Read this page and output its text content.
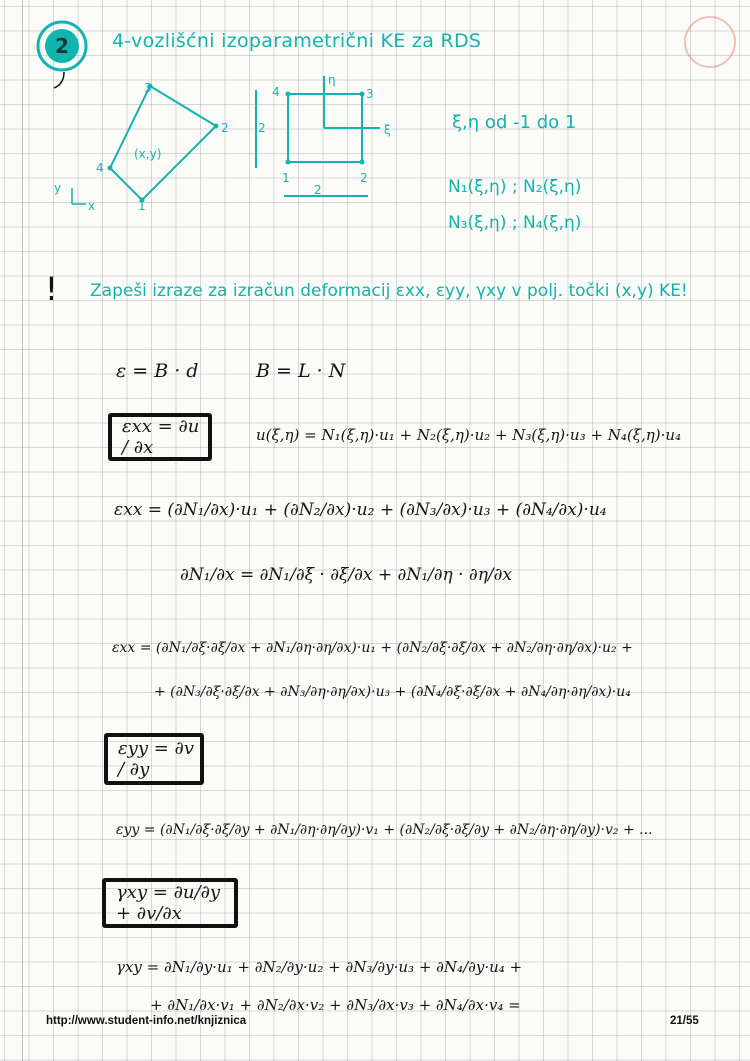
2 4-vozlišćni izoparametrični KE za RDS
1
2
3
4
(x,y)
y
x
1	2
3
4
η
ξ
2
2
ξ,η od -1 do 1
N₁(ξ,η) ; N₂(ξ,η)
N₃(ξ,η) ; N₄(ξ,η)
! Zapeši izraze za izračun deformacij εxx, εyy, γxy v polj. točki (x,y) KE!
ε = B · d	B = L · N
εxx = ∂u / ∂x
u(ξ,η) = N₁(ξ,η)·u₁ + N₂(ξ,η)·u₂ + N₃(ξ,η)·u₃ + N₄(ξ,η)·u₄
εxx = (∂N₁/∂x)·u₁ + (∂N₂/∂x)·u₂ + (∂N₃/∂x)·u₃ + (∂N₄/∂x)·u₄
∂N₁/∂x = ∂N₁/∂ξ · ∂ξ/∂x + ∂N₁/∂η · ∂η/∂x
εxx = (∂N₁/∂ξ·∂ξ/∂x + ∂N₁/∂η·∂η/∂x)·u₁ + (∂N₂/∂ξ·∂ξ/∂x + ∂N₂/∂η·∂η/∂x)·u₂ +
+ (∂N₃/∂ξ·∂ξ/∂x + ∂N₃/∂η·∂η/∂x)·u₃ + (∂N₄/∂ξ·∂ξ/∂x + ∂N₄/∂η·∂η/∂x)·u₄
εyy = ∂v / ∂y
εyy = (∂N₁/∂ξ·∂ξ/∂y + ∂N₁/∂η·∂η/∂y)·v₁ + (∂N₂/∂ξ·∂ξ/∂y + ∂N₂/∂η·∂η/∂y)·v₂ + ...
γxy = ∂u/∂y + ∂v/∂x
γxy = ∂N₁/∂y·u₁ + ∂N₂/∂y·u₂ + ∂N₃/∂y·u₃ + ∂N₄/∂y·u₄ +
+ ∂N₁/∂x·v₁ + ∂N₂/∂x·v₂ + ∂N₃/∂x·v₃ + ∂N₄/∂x·v₄ =
http://www.student-info.net/knjiznica	21/55
